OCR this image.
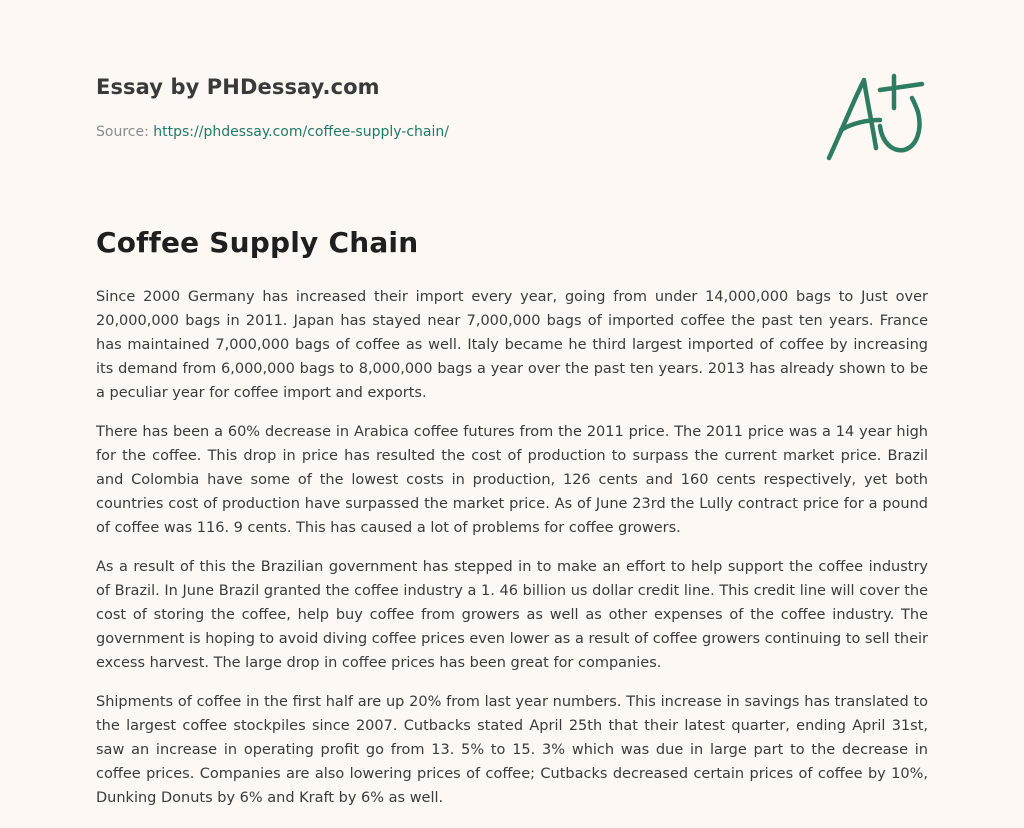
Essay by PHDessay.com

Source: https://phdessay.com/coffee-supply-chain/

Coffee Supply Chain

Since 2000 Germany has increased their import every year, going from under 14,000,000 bags to Just over 20,000,000 bags in 2011. Japan has stayed near 7,000,000 bags of imported coffee the past ten years. France has maintained 7,000,000 bags of coffee as well. Italy became he third largest imported of coffee by increasing its demand from 6,000,000 bags to 8,000,000 bags a year over the past ten years. 2013 has already shown to be a peculiar year for coffee import and exports.

There has been a 60% decrease in Arabica coffee futures from the 2011 price. The 2011 price was a 14 year high for the coffee. This drop in price has resulted the cost of production to surpass the current market price. Brazil and Colombia have some of the lowest costs in production, 126 cents and 160 cents respectively, yet both countries cost of production have surpassed the market price. As of June 23rd the Lully contract price for a pound of coffee was 116. 9 cents. This has caused a lot of problems for coffee growers.

As a result of this the Brazilian government has stepped in to make an effort to help support the coffee industry of Brazil. In June Brazil granted the coffee industry a 1. 46 billion us dollar credit line. This credit line will cover the cost of storing the coffee, help buy coffee from growers as well as other expenses of the coffee industry. The government is hoping to avoid diving coffee prices even lower as a result of coffee growers continuing to sell their excess harvest. The large drop in coffee prices has been great for companies.

Shipments of coffee in the first half are up 20% from last year numbers. This increase in savings has translated to the largest coffee stockpiles since 2007. Cutbacks stated April 25th that their latest quarter, ending April 31st, saw an increase in operating profit go from 13. 5% to 15. 3% which was due in large part to the decrease in coffee prices. Companies are also lowering prices of coffee; Cutbacks decreased certain prices of coffee by 10%, Dunking Donuts by 6% and Kraft by 6% as well.
